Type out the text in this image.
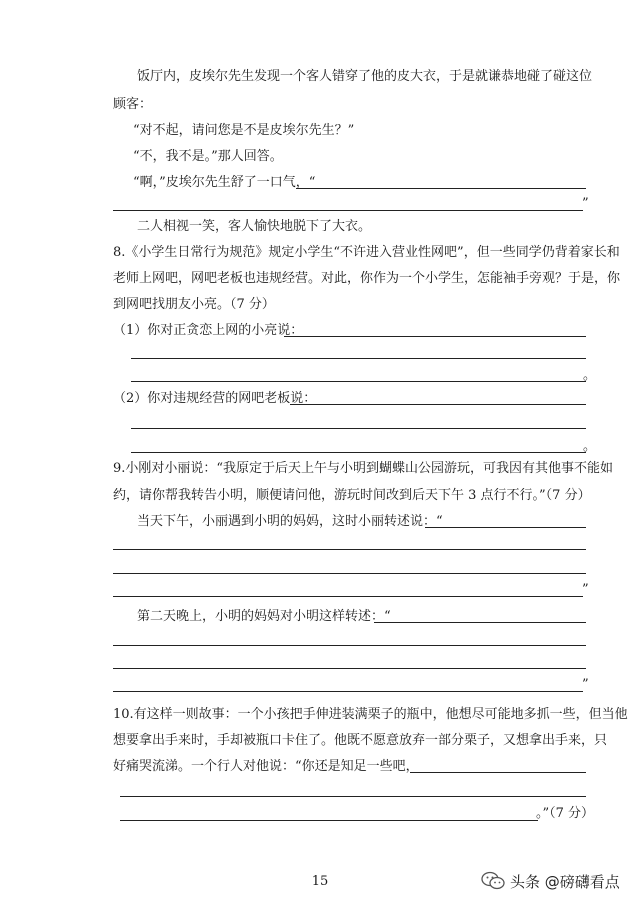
饭厅内，皮埃尔先生发现一个客人错穿了他的皮大衣，于是就谦恭地碰了碰这位
顾客：
“对不起，请问您是不是皮埃尔先生？”
“不，我不是。”那人回答。
“啊，”皮埃尔先生舒了一口气，“
”
二人相视一笑，客人愉快地脱下了大衣。
8.《小学生日常行为规范》规定小学生“不许进入营业性网吧”，但一些同学仍背着家长和
老师上网吧，网吧老板也违规经营。对此，你作为一个小学生，怎能袖手旁观？于是，你
到网吧找朋友小亮。（7 分）
（1）你对正贪恋上网的小亮说：
。
（2）你对违规经营的网吧老板说：
。
9.小刚对小丽说：“我原定于后天上午与小明到蝴蝶山公园游玩，可我因有其他事不能如
约，请你帮我转告小明，顺便请问他，游玩时间改到后天下午 3 点行不行。”（7 分）
当天下午，小丽遇到小明的妈妈，这时小丽转述说：“
”
第二天晚上，小明的妈妈对小明这样转述：“
”
10.有这样一则故事：一个小孩把手伸进装满栗子的瓶中，他想尽可能地多抓一些，但当他
想要拿出手来时，手却被瓶口卡住了。他既不愿意放弃一部分栗子，又想拿出手来，只
好痛哭流涕。一个行人对他说：“你还是知足一些吧，
。”（7 分）
15	头条 @磅礴看点
